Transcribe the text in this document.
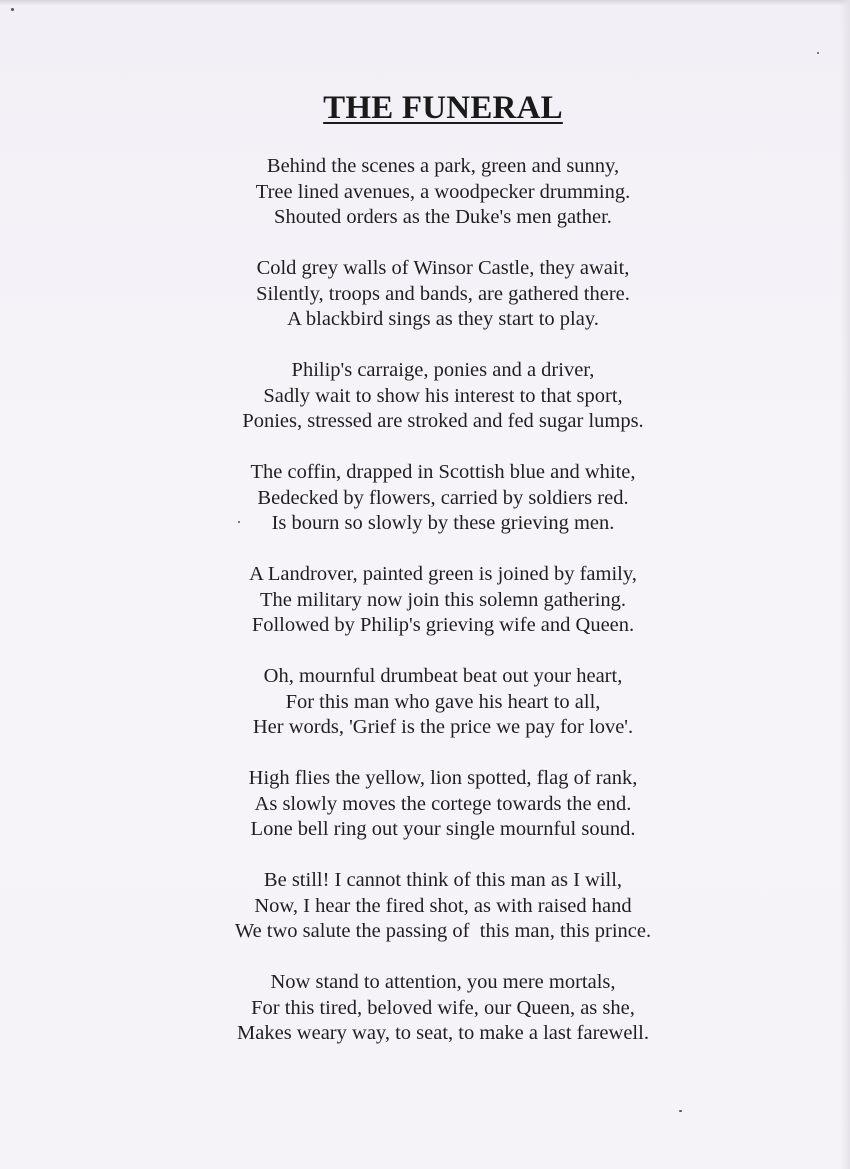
THE FUNERAL
Behind the scenes a park, green and sunny,
Tree lined avenues, a woodpecker drumming.
Shouted orders as the Duke's men gather.
Cold grey walls of Winsor Castle, they await,
Silently, troops and bands, are gathered there.
A blackbird sings as they start to play.
Philip's carraige, ponies and a driver,
Sadly wait to show his interest to that sport,
Ponies, stressed are stroked and fed sugar lumps.
The coffin, drapped in Scottish blue and white,
Bedecked by flowers, carried by soldiers red.
Is bourn so slowly by these grieving men.
A Landrover, painted green is joined by family,
The military now join this solemn gathering.
Followed by Philip's grieving wife and Queen.
Oh, mournful drumbeat beat out your heart,
For this man who gave his heart to all,
Her words, 'Grief is the price we pay for love'.
High flies the yellow, lion spotted, flag of rank,
As slowly moves the cortege towards the end.
Lone bell ring out your single mournful sound.
Be still! I cannot think of this man as I will,
Now, I hear the fired shot, as with raised hand
We two salute the passing of  this man, this prince.
Now stand to attention, you mere mortals,
For this tired, beloved wife, our Queen, as she,
Makes weary way, to seat, to make a last farewell.
